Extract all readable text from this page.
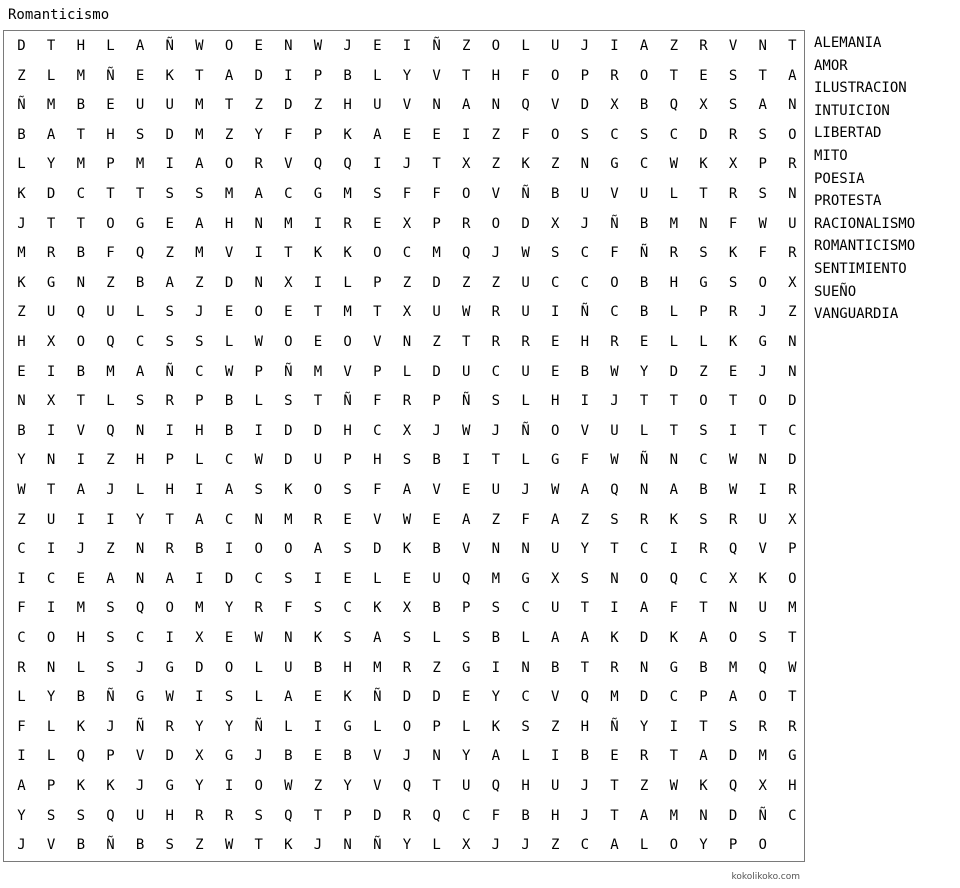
Romanticismo
D	T	H	L	A	Ñ	W	O	E	N	W	J	E	I	Ñ	Z	O	L	U	J	I	A	Z	R	V	N	T
Z	L	M	Ñ	E	K	T	A	D	I	P	B	L	Y	V	T	H	F	O	P	R	O	T	E	S	T	A
Ñ	M	B	E	U	U	M	T	Z	D	Z	H	U	V	N	A	N	Q	V	D	X	B	Q	X	S	A	N
B	A	T	H	S	D	M	Z	Y	F	P	K	A	E	E	I	Z	F	O	S	C	S	C	D	R	S	O
L	Y	M	P	M	I	A	O	R	V	Q	Q	I	J	T	X	Z	K	Z	N	G	C	W	K	X	P	R
K	D	C	T	T	S	S	M	A	C	G	M	S	F	F	O	V	Ñ	B	U	V	U	L	T	R	S	N
J	T	T	O	G	E	A	H	N	M	I	R	E	X	P	R	O	D	X	J	Ñ	B	M	N	F	W	U
M	R	B	F	Q	Z	M	V	I	T	K	K	O	C	M	Q	J	W	S	C	F	Ñ	R	S	K	F	R
K	G	N	Z	B	A	Z	D	N	X	I	L	P	Z	D	Z	Z	U	C	C	O	B	H	G	S	O	X
Z	U	Q	U	L	S	J	E	O	E	T	M	T	X	U	W	R	U	I	Ñ	C	B	L	P	R	J	Z
H	X	O	Q	C	S	S	L	W	O	E	O	V	N	Z	T	R	R	E	H	R	E	L	L	K	G	N
E	I	B	M	A	Ñ	C	W	P	Ñ	M	V	P	L	D	U	C	U	E	B	W	Y	D	Z	E	J	N
N	X	T	L	S	R	P	B	L	S	T	Ñ	F	R	P	Ñ	S	L	H	I	J	T	T	O	T	O	D
B	I	V	Q	N	I	H	B	I	D	D	H	C	X	J	W	J	Ñ	O	V	U	L	T	S	I	T	C
Y	N	I	Z	H	P	L	C	W	D	U	P	H	S	B	I	T	L	G	F	W	Ñ	N	C	W	N	D
W	T	A	J	L	H	I	A	S	K	O	S	F	A	V	E	U	J	W	A	Q	N	A	B	W	I	R
Z	U	I	I	Y	T	A	C	N	M	R	E	V	W	E	A	Z	F	A	Z	S	R	K	S	R	U	X
C	I	J	Z	N	R	B	I	O	O	A	S	D	K	B	V	N	N	U	Y	T	C	I	R	Q	V	P
I	C	E	A	N	A	I	D	C	S	I	E	L	E	U	Q	M	G	X	S	N	O	Q	C	X	K	O
F	I	M	S	Q	O	M	Y	R	F	S	C	K	X	B	P	S	C	U	T	I	A	F	T	N	U	M
C	O	H	S	C	I	X	E	W	N	K	S	A	S	L	S	B	L	A	A	K	D	K	A	O	S	T
R	N	L	S	J	G	D	O	L	U	B	H	M	R	Z	G	I	N	B	T	R	N	G	B	M	Q	W
L	Y	B	Ñ	G	W	I	S	L	A	E	K	Ñ	D	D	E	Y	C	V	Q	M	D	C	P	A	O	T
F	L	K	J	Ñ	R	Y	Y	Ñ	L	I	G	L	O	P	L	K	S	Z	H	Ñ	Y	I	T	S	R	R
I	L	Q	P	V	D	X	G	J	B	E	B	V	J	N	Y	A	L	I	B	E	R	T	A	D	M	G
A	P	K	K	J	G	Y	I	O	W	Z	Y	V	Q	T	U	Q	H	U	J	T	Z	W	K	Q	X	H
Y	S	S	Q	U	H	R	R	S	Q	T	P	D	R	Q	C	F	B	H	J	T	A	M	N	D	Ñ	C
J	V	B	Ñ	B	S	Z	W	T	K	J	N	Ñ	Y	L	X	J	J	Z	C	A	L	O	Y	P	O
ALEMANIA
AMOR
ILUSTRACION
INTUICION
LIBERTAD
MITO
POESIA
PROTESTA
RACIONALISMO
ROMANTICISMO
SENTIMIENTO
SUEÑO
VANGUARDIA
kokolikoko.com
